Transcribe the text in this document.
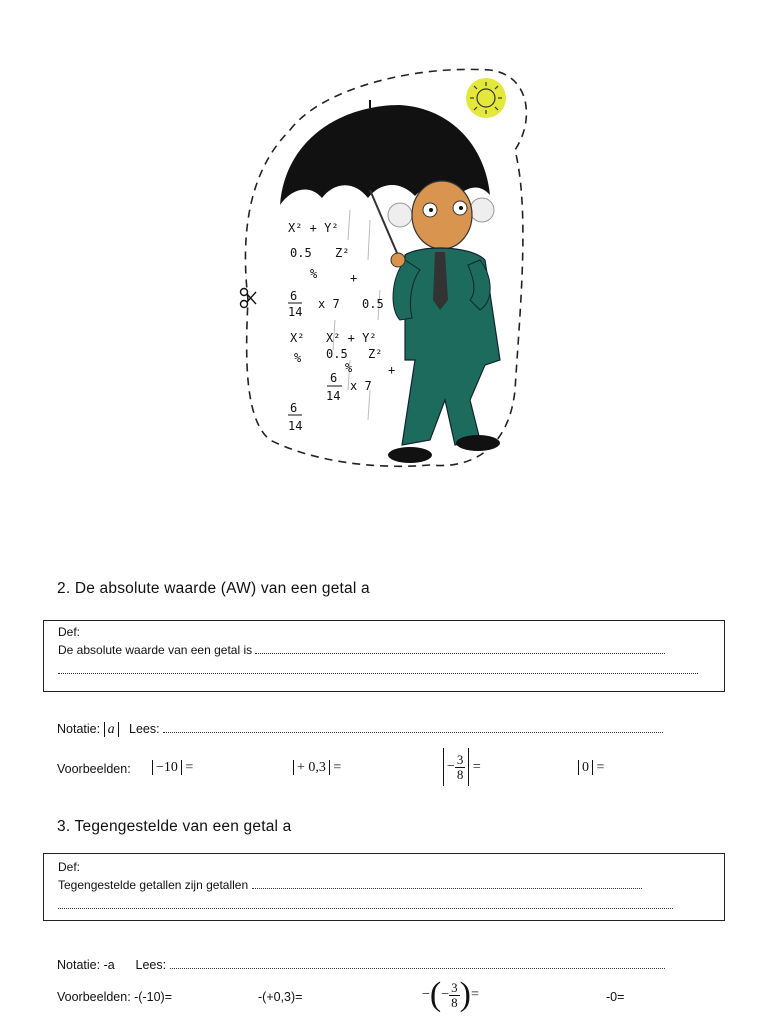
X² + Y²
0.5 Z²
%	+
6
14
x 7 0.5
X² X² + Y²
% 0.5 Z²
%	+
6
14
x 7
6
14
2. De absolute waarde (AW) van een getal a
Def:
De absolute waarde van een getal is
Notatie: a Lees:
Voorbeelden: −10 =	+ 0,3 =	− $\frac{3}{8}$ =	0 =
3. Tegengestelde van een getal a
Def:
Tegengestelde getallen zijn getallen
Notatie: -a Lees:
Voorbeelden: -(-10)=	-(+0,3)=	−(− $\frac{3}{8}$ )=	-0=
